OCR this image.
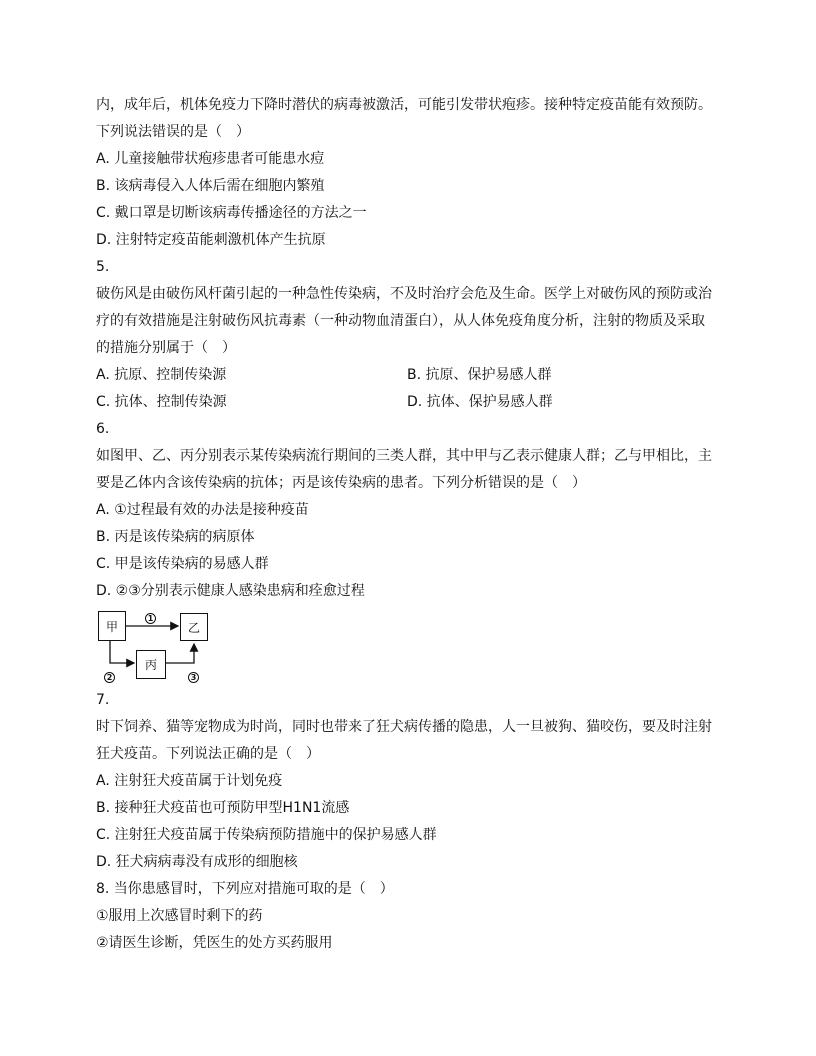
内，成年后，机体免疫力下降时潜伏的病毒被激活，可能引发带状疱疹。接种特定疫苗能有效预防。
下列说法错误的是（　）
A. 儿童接触带状疱疹患者可能患水痘
B. 该病毒侵入人体后需在细胞内繁殖
C. 戴口罩是切断该病毒传播途径的方法之一
D. 注射特定疫苗能刺激机体产生抗原
5.
破伤风是由破伤风杆菌引起的一种急性传染病，不及时治疗会危及生命。医学上对破伤风的预防或治
疗的有效措施是注射破伤风抗毒素（一种动物血清蛋白），从人体免疫角度分析，注射的物质及采取
的措施分别属于（　）
A. 抗原、控制传染源	B. 抗原、保护易感人群
C. 抗体、控制传染源	D. 抗体、保护易感人群
6.
如图甲、乙、丙分别表示某传染病流行期间的三类人群，其中甲与乙表示健康人群；乙与甲相比，主
要是乙体内含该传染病的抗体；丙是该传染病的患者。下列分析错误的是（　）
A. ①过程最有效的办法是接种疫苗
B. 丙是该传染病的病原体
C. 甲是该传染病的易感人群
D. ②③分别表示健康人感染患病和痊愈过程
甲	乙
丙
1
2	3
7.
时下饲养、猫等宠物成为时尚，同时也带来了狂犬病传播的隐患，人一旦被狗、猫咬伤，要及时注射
狂犬疫苗。下列说法正确的是（　）
A. 注射狂犬疫苗属于计划免疫
B. 接种狂犬疫苗也可预防甲型H1N1流感
C. 注射狂犬疫苗属于传染病预防措施中的保护易感人群
D. 狂犬病病毒没有成形的细胞核
8. 当你患感冒时，下列应对措施可取的是（　）
①服用上次感冒时剩下的药
②请医生诊断，凭医生的处方买药服用
